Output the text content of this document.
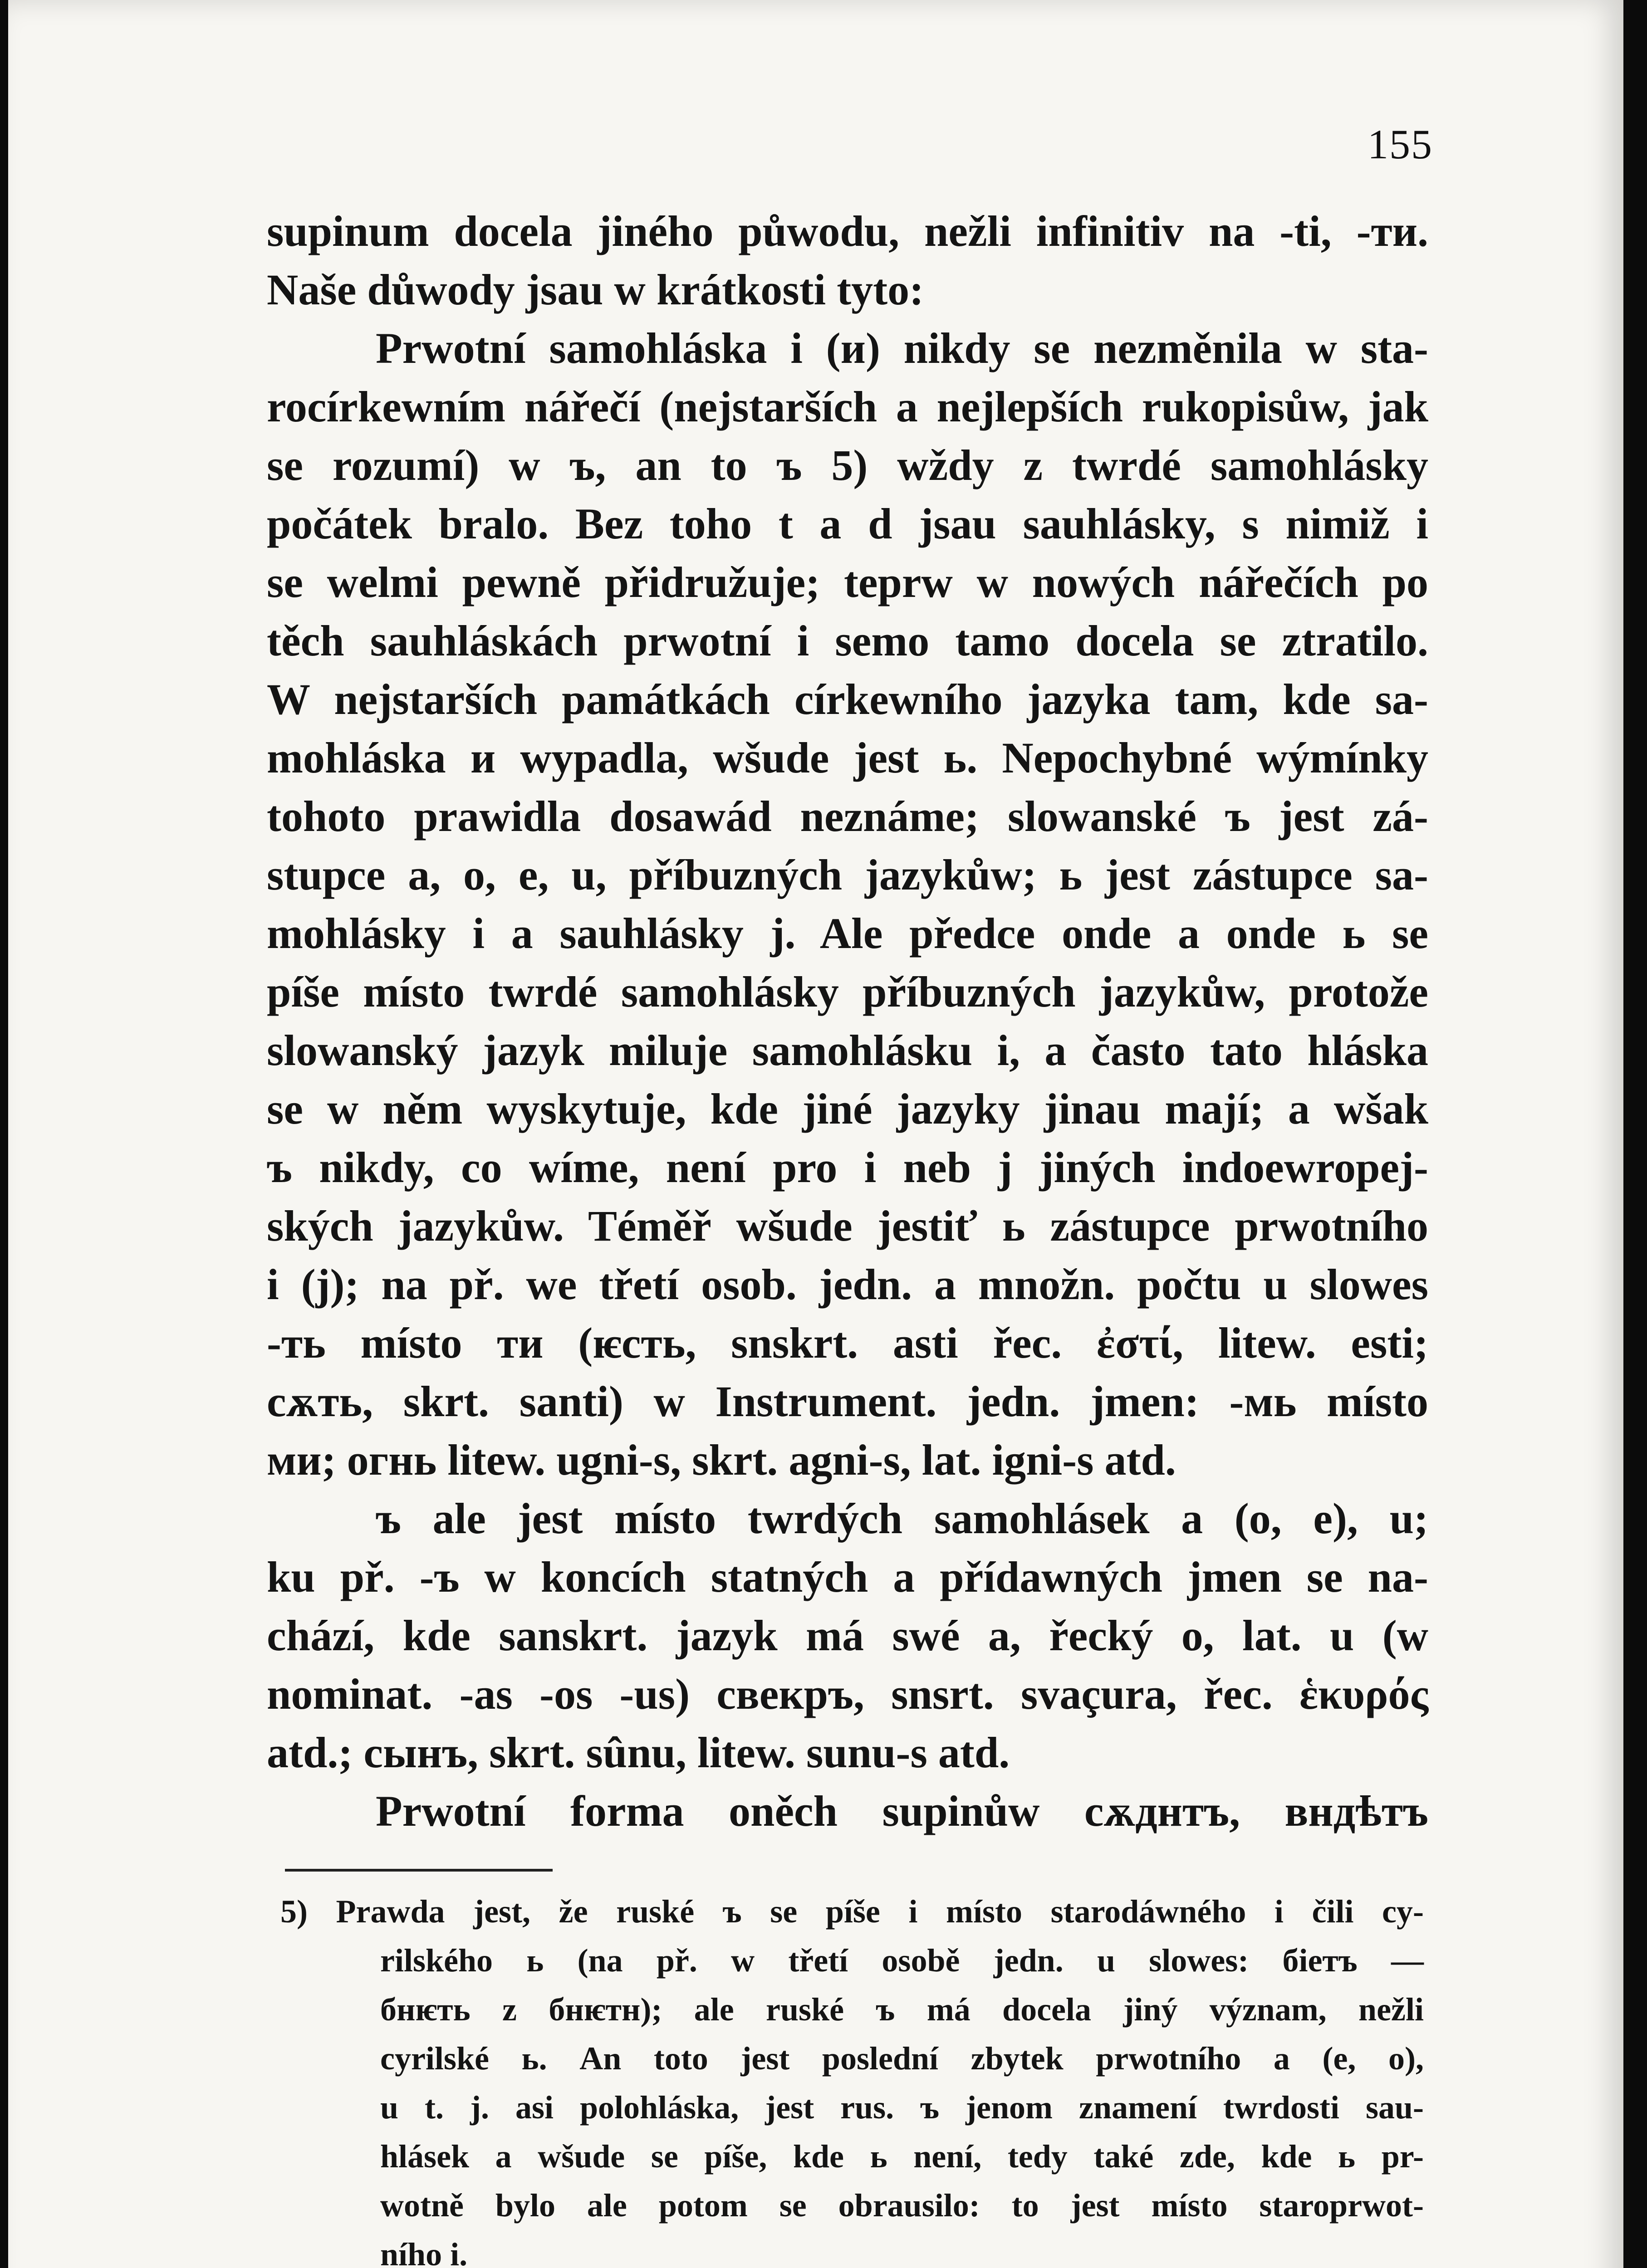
155
supinum docela jiného půwodu, nežli infinitiv na -ti, -ти.
Naše důwody jsau w krátkosti tyto:
Prwotní samohláska i (и) nikdy se nezměnila w sta-
rocírkewním nářečí (nejstarších a nejlepších rukopisůw, jak
se rozumí) w ъ, an to ъ 5) wždy z twrdé samohlásky
počátek bralo. Bez toho t a d jsau sauhlásky, s nimiž i
se welmi pewně přidružuje; teprw w nowých nářečích po
těch sauhláskách prwotní i semo tamo docela se ztratilo.
W nejstarších památkách církewního jazyka tam, kde sa-
mohláska и wypadla, wšude jest ь. Nepochybné wýmínky
tohoto prawidla dosawád neznáme; slowanské ъ jest zá-
stupce a, o, e, u, příbuzných jazykůw; ь jest zástupce sa-
mohlásky i a sauhlásky j. Ale předce onde a onde ь se
píše místo twrdé samohlásky příbuzných jazykůw, protože
slowanský jazyk miluje samohlásku i, a často tato hláska
se w něm wyskytuje, kde jiné jazyky jinau mají; a wšak
ъ nikdy, co wíme, není pro i neb j jiných indoewropej-
ských jazykůw. Téměř wšude jestiť ь zástupce prwotního
i (j); na př. we třetí osob. jedn. a množn. počtu u slowes
-ть místo ти (ѥсть, snskrt. asti řec. ἐστί, litew. esti;
сѫть, skrt. santi) w Instrument. jedn. jmen: -мь místo
ми; огнь litew. ugni-s, skrt. agni-s, lat. igni-s atd.
ъ ale jest místo twrdých samohlásek a (o, e), u;
ku př. -ъ w koncích statných a přídawných jmen se na-
chází, kde sanskrt. jazyk má swé a, řecký o, lat. u (w
nominat. -as -os -us) свекръ, snsrt. svaçura, řec. ἑκυρός
atd.; сынъ, skrt. sûnu, litew. sunu-s atd.
Prwotní forma oněch supinůw сѫднтъ, вндѣтъ
5) Prawda jest, že ruské ъ se píše i místo starodáwného i čili cy-
rilského ь (na př. w třetí osobě jedn. u slowes: біетъ —
бнѥть z бнѥтн); ale ruské ъ má docela jiný význam, nežli
cyrilské ь. An toto jest poslední zbytek prwotního a (e, o),
u t. j. asi polohláska, jest rus. ъ jenom znamení twrdosti sau-
hlásek a wšude se píše, kde ь není, tedy také zde, kde ь pr-
wotně bylo ale potom se obrausilo: to jest místo staroprwot-
ního i.
